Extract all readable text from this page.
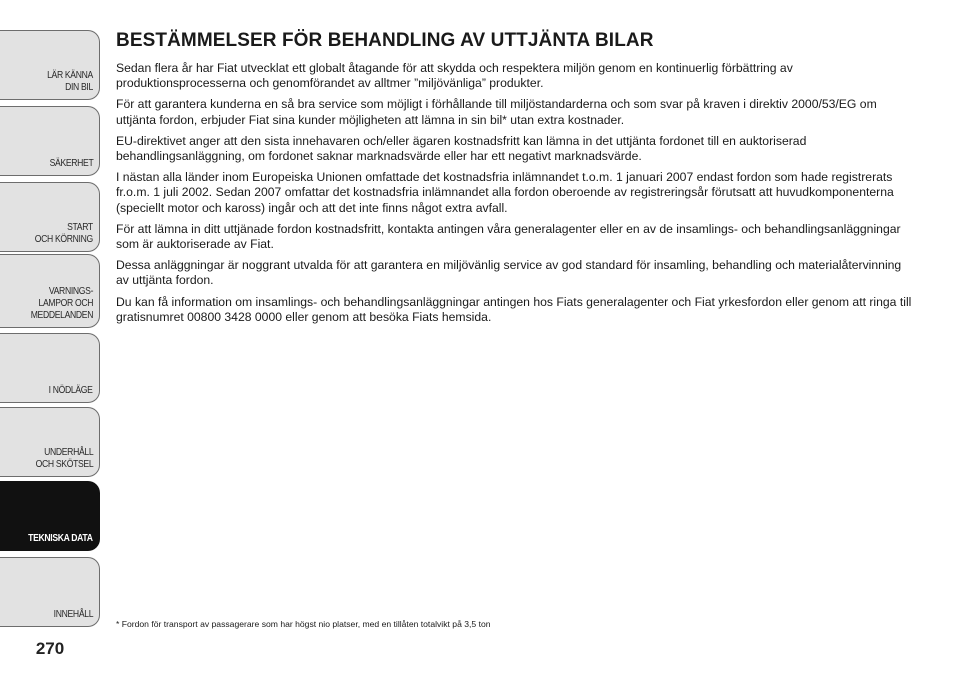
LÄR KÄNNA
DIN BIL
SÄKERHET
START
OCH KÖRNING
VARNINGS-
LAMPOR OCH
MEDDELANDEN
I NÖDLÄGE
UNDERHÅLL
OCH SKÖTSEL
TEKNISKA DATA
INNEHÅLL
270
BESTÄMMELSER FÖR BEHANDLING AV UTTJÄNTA BILAR

Sedan flera år har Fiat utvecklat ett globalt åtagande för att skydda och respektera miljön genom en kontinuerlig förbättring av produktionsprocesserna och genomförandet av alltmer ”miljövänliga” produkter.

För att garantera kunderna en så bra service som möjligt i förhållande till miljöstandarderna och som svar på kraven i direktiv 2000/53/EG om uttjänta fordon, erbjuder Fiat sina kunder möjligheten att lämna in sin bil* utan extra kostnader.

EU-direktivet anger att den sista innehavaren och/eller ägaren kostnadsfritt kan lämna in det uttjänta fordonet till en auktoriserad behandlingsanläggning, om fordonet saknar marknadsvärde eller har ett negativt marknadsvärde.

I nästan alla länder inom Europeiska Unionen omfattade det kostnadsfria inlämnandet t.o.m. 1 januari 2007 endast fordon som hade registrerats fr.o.m. 1 juli 2002. Sedan 2007 omfattar det kostnadsfria inlämnandet alla fordon oberoende av registreringsår förutsatt att huvudkomponenterna (speciellt motor och kaross) ingår och att det inte finns något extra avfall.

För att lämna in ditt uttjänade fordon kostnadsfritt, kontakta antingen våra generalagenter eller en av de insamlings- och behandlingsanläggningar som är auktoriserade av Fiat.

Dessa anläggningar är noggrant utvalda för att garantera en miljövänlig service av god standard för insamling, behandling och materialåtervinning av uttjänta fordon.

Du kan få information om insamlings- och behandlingsanläggningar antingen hos Fiats generalagenter och Fiat yrkesfordon eller genom att ringa till gratisnumret 00800 3428 0000 eller genom att besöka Fiats hemsida.

* Fordon för transport av passagerare som har högst nio platser, med en tillåten totalvikt på 3,5 ton
